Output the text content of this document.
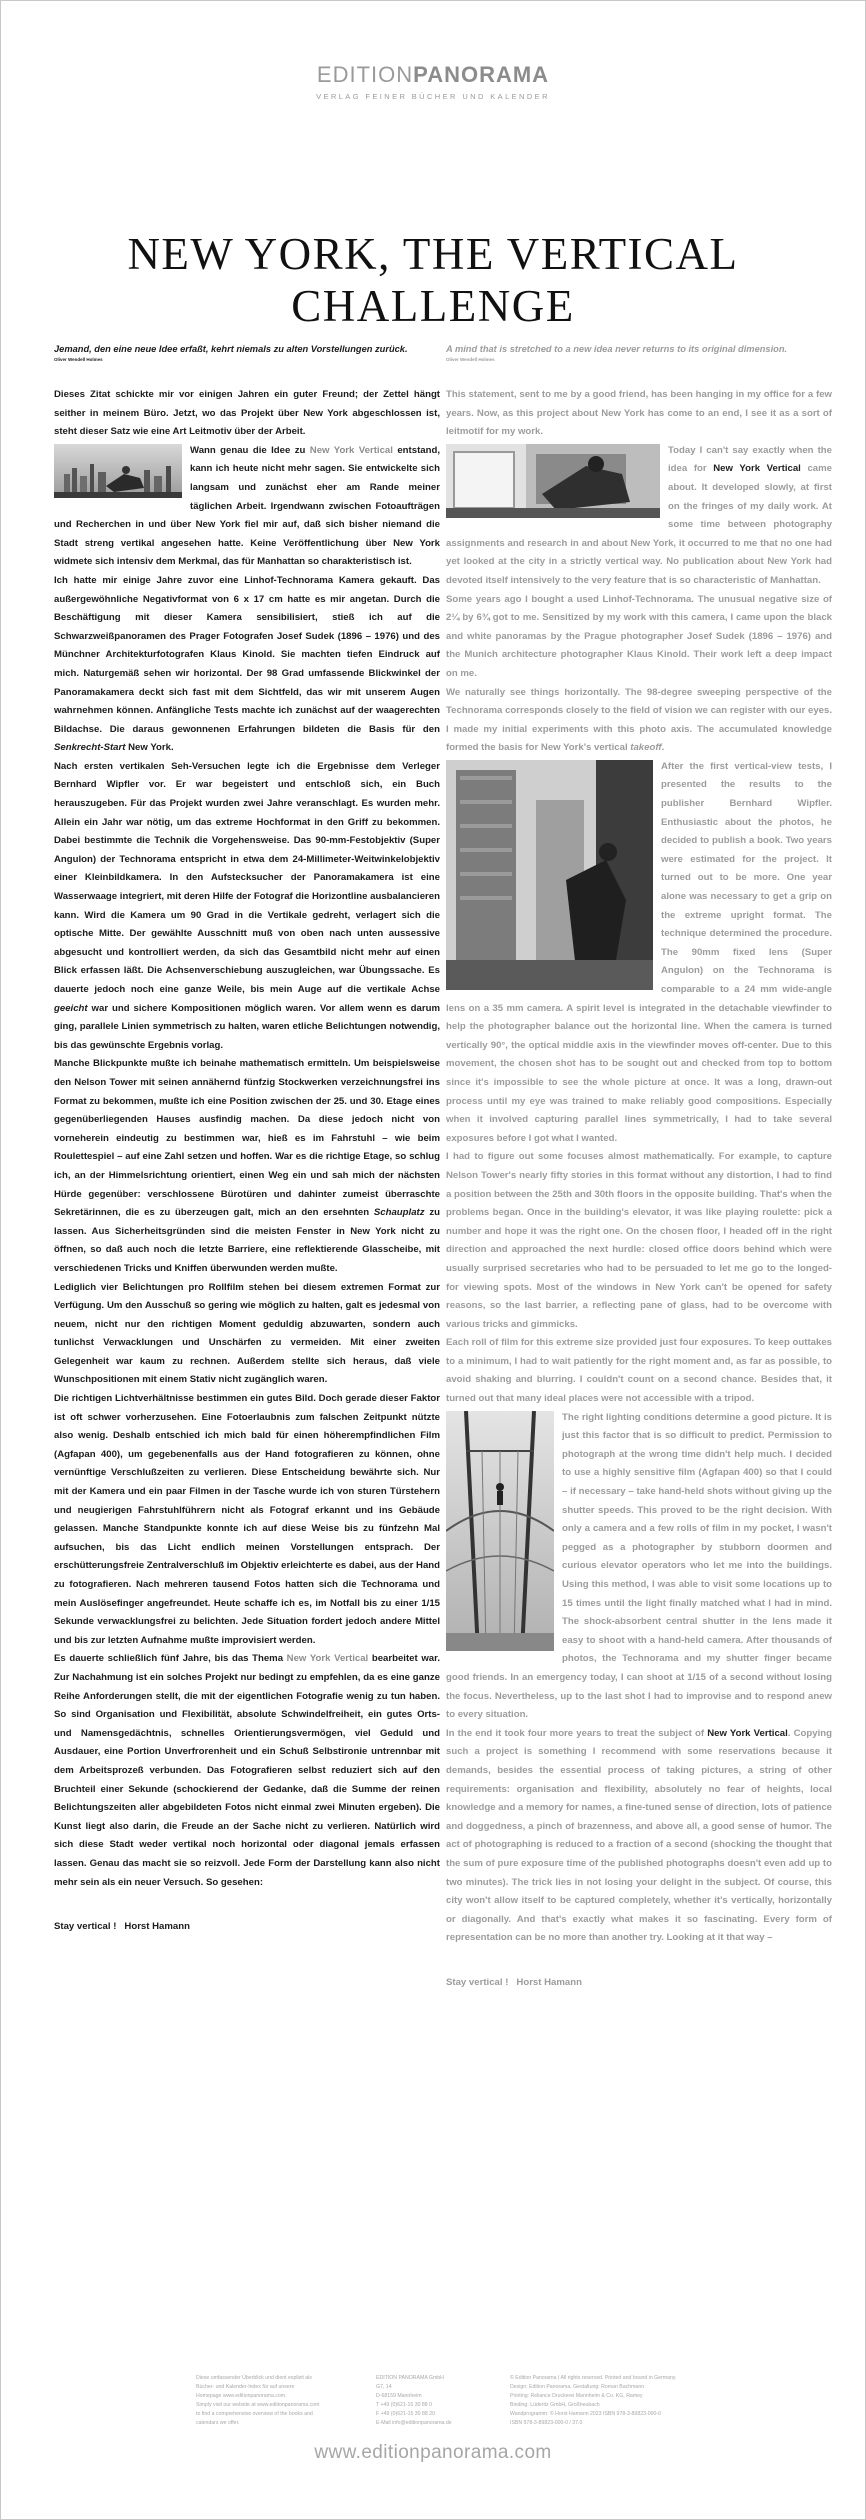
EDITIONPANORAMA
VERLAG FEINER BÜCHER UND KALENDER
NEW YORK, THE VERTICAL CHALLENGE
Jemand, den eine neue Idee erfaßt, kehrt niemals zu alten Vorstellungen zurück.
Oliver Wendell Holmes

Dieses Zitat schickte mir vor einigen Jahren ein guter Freund; der Zettel hängt seither in meinem Büro. Jetzt, wo das Projekt über New York abgeschlossen ist, steht dieser Satz wie eine Art Leitmotiv über der Arbeit.

Wann genau die Idee zu New York Vertical entstand, kann ich heute nicht mehr sagen. Sie entwickelte sich langsam und zunächst eher am Rande meiner täglichen Arbeit. Irgendwann zwischen Fotoaufträgen und Recherchen in und über New York fiel mir auf, daß sich bisher niemand die Stadt streng vertikal angesehen hatte. Keine Veröffentlichung über New York widmete sich intensiv dem Merkmal, das für Manhattan so charakteristisch ist.

Ich hatte mir einige Jahre zuvor eine Linhof-Technorama Kamera gekauft. Das außergewöhnliche Negativformat von 6 x 17 cm hatte es mir angetan. Durch die Beschäftigung mit dieser Kamera sensibilisiert, stieß ich auf die Schwarzweißpanoramen des Prager Fotografen Josef Sudek (1896 – 1976) und des Münchner Architekturfotografen Klaus Kinold. Sie machten tiefen Eindruck auf mich. Naturgemäß sehen wir horizontal. Der 98 Grad umfassende Blickwinkel der Panoramakamera deckt sich fast mit dem Sichtfeld, das wir mit unserem Augen wahrnehmen können. Anfängliche Tests machte ich zunächst auf der waagerechten Bildachse. Die daraus gewonnenen Erfahrungen bildeten die Basis für den Senkrecht-Start New York.

Nach ersten vertikalen Seh-Versuchen legte ich die Ergebnisse dem Verleger Bernhard Wipfler vor. Er war begeistert und entschloß sich, ein Buch herauszugeben. Für das Projekt wurden zwei Jahre veranschlagt. Es wurden mehr. Allein ein Jahr war nötig, um das extreme Hochformat in den Griff zu bekommen. Dabei bestimmte die Technik die Vorgehensweise. Das 90-mm-Festobjektiv (Super Angulon) der Technorama entspricht in etwa dem 24-Millimeter-Weitwinkelobjektiv einer Kleinbildkamera. In den Aufstecksucher der Panoramakamera ist eine Wasserwaage integriert, mit deren Hilfe der Fotograf die Horizontline ausbalancieren kann. Wird die Kamera um 90 Grad in die Vertikale gedreht, verlagert sich die optische Mitte. Der gewählte Ausschnitt muß von oben nach unten aussessive abgesucht und kontrolliert werden, da sich das Gesamtbild nicht mehr auf einen Blick erfassen läßt. Die Achsenverschiebung auszugleichen, war Übungssache. Es dauerte jedoch noch eine ganze Weile, bis mein Auge auf die vertikale Achse geeicht war und sichere Kompositionen möglich waren. Vor allem wenn es darum ging, parallele Linien symmetrisch zu halten, waren etliche Belichtungen notwendig, bis das gewünschte Ergebnis vorlag.

Manche Blickpunkte mußte ich beinahe mathematisch ermitteln. Um beispielsweise den Nelson Tower mit seinen annähernd fünfzig Stockwerken verzeichnungsfrei ins Format zu bekommen, mußte ich eine Position zwischen der 25. und 30. Etage eines gegenüberliegenden Hauses ausfindig machen. Da diese jedoch nicht von vorneherein eindeutig zu bestimmen war, hieß es im Fahrstuhl – wie beim Roulettespiel – auf eine Zahl setzen und hoffen. War es die richtige Etage, so schlug ich, an der Himmelsrichtung orientiert, einen Weg ein und sah mich der nächsten Hürde gegenüber: verschlossene Bürotüren und dahinter zumeist überraschte Sekretärinnen, die es zu überzeugen galt, mich an den ersehnten Schauplatz zu lassen. Aus Sicherheitsgründen sind die meisten Fenster in New York nicht zu öffnen, so daß auch noch die letzte Barriere, eine reflektierende Glasscheibe, mit verschiedenen Tricks und Kniffen überwunden werden mußte.

Lediglich vier Belichtungen pro Rollfilm stehen bei diesem extremen Format zur Verfügung. Um den Ausschuß so gering wie möglich zu halten, galt es jedesmal von neuem, nicht nur den richtigen Moment geduldig abzuwarten, sondern auch tunlichst Verwacklungen und Unschärfen zu vermeiden. Mit einer zweiten Gelegenheit war kaum zu rechnen. Außerdem stellte sich heraus, daß viele Wunschpositionen mit einem Stativ nicht zugänglich waren.

Die richtigen Lichtverhältnisse bestimmen ein gutes Bild. Doch gerade dieser Faktor ist oft schwer vorherzusehen. Eine Fotoerlaubnis zum falschen Zeitpunkt nützte also wenig. Deshalb entschied ich mich bald für einen höherempfindlichen Film (Agfapan 400), um gegebenenfalls aus der Hand fotografieren zu können, ohne vernünftige Verschlußzeiten zu verlieren. Diese Entscheidung bewährte sich. Nur mit der Kamera und ein paar Filmen in der Tasche wurde ich von sturen Türstehern und neugierigen Fahrstuhlführern nicht als Fotograf erkannt und ins Gebäude gelassen. Manche Standpunkte konnte ich auf diese Weise bis zu fünfzehn Mal aufsuchen, bis das Licht endlich meinen Vorstellungen entsprach. Der erschütterungsfreie Zentralverschluß im Objektiv erleichterte es dabei, aus der Hand zu fotografieren. Nach mehreren tausend Fotos hatten sich die Technorama und mein Auslösefinger angefreundet. Heute schaffe ich es, im Notfall bis zu einer 1/15 Sekunde verwacklungsfrei zu belichten. Jede Situation fordert jedoch andere Mittel und bis zur letzten Aufnahme mußte improvisiert werden.

Es dauerte schließlich fünf Jahre, bis das Thema New York Vertical bearbeitet war. Zur Nachahmung ist ein solches Projekt nur bedingt zu empfehlen, da es eine ganze Reihe Anforderungen stellt, die mit der eigentlichen Fotografie wenig zu tun haben. So sind Organisation und Flexibilität, absolute Schwindelfreiheit, ein gutes Orts- und Namensgedächtnis, schnelles Orientierungsvermögen, viel Geduld und Ausdauer, eine Portion Unverfrorenheit und ein Schuß Selbstironie untrennbar mit dem Arbeitsprozeß verbunden. Das Fotografieren selbst reduziert sich auf den Bruchteil einer Sekunde (schockierend der Gedanke, daß die Summe der reinen Belichtungszeiten aller abgebildeten Fotos nicht einmal zwei Minuten ergeben). Die Kunst liegt also darin, die Freude an der Sache nicht zu verlieren. Natürlich wird sich diese Stadt weder vertikal noch horizontal oder diagonal jemals erfassen lassen. Genau das macht sie so reizvoll. Jede Form der Darstellung kann also nicht mehr sein als ein neuer Versuch. So gesehen:

Stay vertical ! Horst Hamann
A mind that is stretched to a new idea never returns to its original dimension.
Oliver Wendell Holmes

This statement, sent to me by a good friend, has been hanging in my office for a few years. Now, as this project about New York has come to an end, I see it as a sort of leitmotif for my work.

Today I can't say exactly when the idea for New York Vertical came about. It developed slowly, at first on the fringes of my daily work. At some time between photography assignments and research in and about New York, it occurred to me that no one had yet looked at the city in a strictly vertical way. No publication about New York had devoted itself intensively to the very feature that is so characteristic of Manhattan.

Some years ago I bought a used Linhof-Technorama. The unusual negative size of 2¼ by 6¾ got to me. Sensitized by my work with this camera, I came upon the black and white panoramas by the Prague photographer Josef Sudek (1896 – 1976) and the Munich architecture photographer Klaus Kinold. Their work left a deep impact on me.

We naturally see things horizontally. The 98-degree sweeping perspective of the Technorama corresponds closely to the field of vision we can register with our eyes. I made my initial experiments with this photo axis. The accumulated knowledge formed the basis for New York's vertical takeoff.

After the first vertical-view tests, I presented the results to the publisher Bernhard Wipfler. Enthusiastic about the photos, he decided to publish a book. Two years were estimated for the project. It turned out to be more. One year alone was necessary to get a grip on the extreme upright format. The technique determined the procedure. The 90mm fixed lens (Super Angulon) on the Technorama is comparable to a 24 mm wide-angle lens on a 35 mm camera. A spirit level is integrated in the detachable viewfinder to help the photographer balance out the horizontal line. When the camera is turned vertically 90°, the optical middle axis in the viewfinder moves off-center. Due to this movement, the chosen shot has to be sought out and checked from top to bottom since it's impossible to see the whole picture at once. It was a long, drawn-out process until my eye was trained to make reliably good compositions. Especially when it involved capturing parallel lines symmetrically, I had to take several exposures before I got what I wanted.

I had to figure out some focuses almost mathematically. For example, to capture Nelson Tower's nearly fifty stories in this format without any distortion, I had to find a position between the 25th and 30th floors in the opposite building. That's when the problems began. Once in the building's elevator, it was like playing roulette: pick a number and hope it was the right one. On the chosen floor, I headed off in the right direction and approached the next hurdle: closed office doors behind which were usually surprised secretaries who had to be persuaded to let me go to the longed-for viewing spots. Most of the windows in New York can't be opened for safety reasons, so the last barrier, a reflecting pane of glass, had to be overcome with various tricks and gimmicks.

Each roll of film for this extreme size provided just four exposures. To keep outtakes to a minimum, I had to wait patiently for the right moment and, as far as possible, to avoid shaking and blurring. I couldn't count on a second chance. Besides that, it turned out that many ideal places were not accessible with a tripod.

The right lighting conditions determine a good picture. It is just this factor that is so difficult to predict. Permission to photograph at the wrong time didn't help much. I decided to use a highly sensitive film (Agfapan 400) so that I could – if necessary – take hand-held shots without giving up the shutter speeds. This proved to be the right decision. With only a camera and a few rolls of film in my pocket, I wasn't pegged as a photographer by stubborn doormen and curious elevator operators who let me into the buildings. Using this method, I was able to visit some locations up to 15 times until the light finally matched what I had in mind. The shock-absorbent central shutter in the lens made it easy to shoot with a hand-held camera. After thousands of photos, the Technorama and my shutter finger became good friends. In an emergency today, I can shoot at 1/15 of a second without losing the focus. Nevertheless, up to the last shot I had to improvise and to respond anew to every situation.

In the end it took four more years to treat the subject of New York Vertical. Copying such a project is something I recommend with some reservations because it demands, besides the essential process of taking pictures, a string of other requirements: organisation and flexibility, absolutely no fear of heights, local knowledge and a memory for names, a fine-tuned sense of direction, lots of patience and doggedness, a pinch of brazenness, and above all, a good sense of humor. The act of photographing is reduced to a fraction of a second (shocking the thought that the sum of pure exposure time of the published photographs doesn't even add up to two minutes). The trick lies in not losing your delight in the subject. Of course, this city won't allow itself to be captured completely, whether it's vertically, horizontally or diagonally. And that's exactly what makes it so fascinating. Every form of representation can be no more than another try. Looking at it that way –

Stay vertical ! Horst Hamann
Diese umfassender Überblick und dient explizit als
Bücher- und Kalender-Index für auf unsere
Homepage www.editionpanorama.com.
Simply visit our website at www.editionpanorama.com
to find a comprehensive overview of the books and
calendars we offer.
EDITION PANORAMA GmbH
G7, 14
D-68159 Mannheim
T +49 (0)621-15 30 88 0
F +49 (0)621-15 30 88 20
E-Mail info@editionpanorama.de
© Edition Panorama | All rights reserved. Printed and bound in Germany.
Design: Edition Panorama, Gestaltung: Roman Bachmann
Printing: Reliance Druckerei Mannheim & Co. KG, Ramey
Binding: Lüderitz GmbH, Großheubach
Wandprogramm: © Horst Hamann 2023 ISBN 978-3-89823-000-0
ISBN 978-3-89823-000-0 / 37.0
www.editionpanorama.com
